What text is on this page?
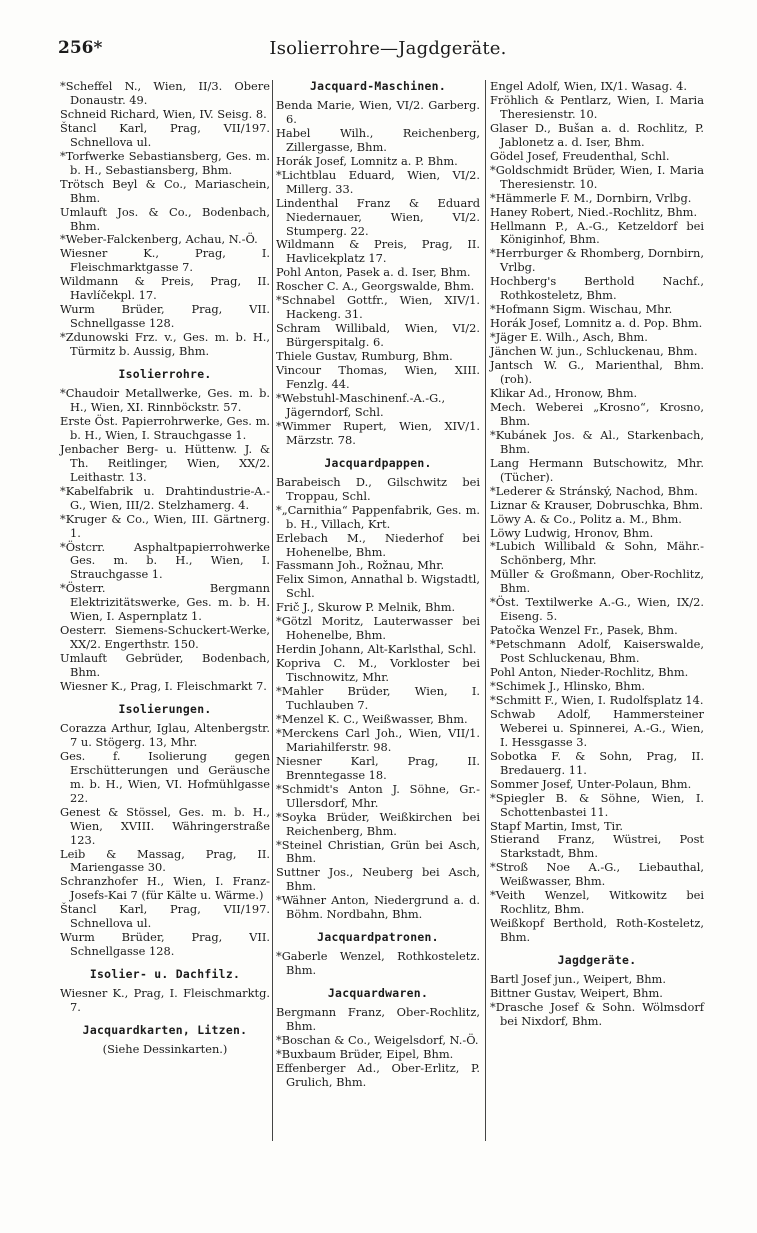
256*	Isolierrohre—Jagdgeräte.
*Scheffel N., Wien, II/3. Obere Donaustr. 49.
Schneid Richard, Wien, IV. Seisg. 8.
Štancl Karl, Prag, VII/197. Schnellova ul.
*Torfwerke Sebastiansberg, Ges. m. b. H., Sebastiansberg, Bhm.
Trötsch Beyl & Co., Mariaschein, Bhm.
Umlauft Jos. & Co., Bodenbach, Bhm.
*Weber-Falckenberg, Achau, N.-Ö.
Wiesner K., Prag, I. Fleischmarktgasse 7.
Wildmann & Preis, Prag, II. Havlíčekpl. 17.
Wurm Brüder, Prag, VII. Schnellgasse 128.
*Zdunowski Frz. v., Ges. m. b. H., Türmitz b. Aussig, Bhm.
Isolierrohre.
*Chaudoir Metallwerke, Ges. m. b. H., Wien, XI. Rinnböckstr. 57.
Erste Öst. Papierrohrwerke, Ges. m. b. H., Wien, I. Strauchgasse 1.
Jenbacher Berg- u. Hüttenw. J. & Th. Reitlinger, Wien, XX/2. Leithastr. 13.
*Kabelfabrik u. Drahtindustrie-A.-G., Wien, III/2. Stelzhamerg. 4.
*Kruger & Co., Wien, III. Gärtnerg. 1.
*Östcrr. Asphaltpapierrohwerke Ges. m. b. H., Wien, I. Strauchgasse 1.
*Österr. Bergmann Elektrizitätswerke, Ges. m. b. H. Wien, I. Aspernplatz 1.
Oesterr. Siemens-Schuckert-Werke, XX/2. Engerthstr. 150.
Umlauft Gebrüder, Bodenbach, Bhm.
Wiesner K., Prag, I. Fleischmarkt 7.
Isolierungen.
Corazza Arthur, Iglau, Altenbergstr. 7 u. Stögerg. 13, Mhr.
Ges. f. Isolierung gegen Erschütterungen und Geräusche m. b. H., Wien, VI. Hofmühlgasse 22.
Genest & Stössel, Ges. m. b. H., Wien, XVIII. Währingerstraße 123.
Leib & Massag, Prag, II. Mariengasse 30.
Schranzhofer H., Wien, I. Franz-Josefs-Kai 7 (für Kälte u. Wärme.)
Štancl Karl, Prag, VII/197. Schnellova ul.
Wurm Brüder, Prag, VII. Schnellgasse 128.
Isolier- u. Dachfilz.
Wiesner K., Prag, I. Fleischmarktg. 7.
Jacquardkarten, Litzen.
(Siehe Dessinkarten.)
Jacquard-Maschinen.
Benda Marie, Wien, VI/2. Garberg. 6.
Habel Wilh., Reichenberg, Zillergasse, Bhm.
Horák Josef, Lomnitz a. P. Bhm.
*Lichtblau Eduard, Wien, VI/2. Millerg. 33.
Lindenthal Franz & Eduard Niedernauer, Wien, VI/2. Stumperg. 22.
Wildmann & Preis, Prag, II. Havlicekplatz 17.
Pohl Anton, Pasek a. d. Iser, Bhm.
Roscher C. A., Georgswalde, Bhm.
*Schnabel Gottfr., Wien, XIV/1. Hackeng. 31.
Schram Willibald, Wien, VI/2. Bürgerspitalg. 6.
Thiele Gustav, Rumburg, Bhm.
Vincour Thomas, Wien, XIII. Fenzlg. 44.
*Webstuhl-Maschinenf.-A.-G., Jägerndorf, Schl.
*Wimmer Rupert, Wien, XIV/1. Märzstr. 78.
Jacquardpappen.
Barabeisch D., Gilschwitz bei Troppau, Schl.
*„Carnithia“ Pappenfabrik, Ges. m. b. H., Villach, Krt.
Erlebach M., Niederhof bei Hohenelbe, Bhm.
Fassmann Joh., Rožnau, Mhr.
Felix Simon, Annathal b. Wigstadtl, Schl.
Frič J., Skurow P. Melnik, Bhm.
*Götzl Moritz, Lauterwasser bei Hohenelbe, Bhm.
Herdin Johann, Alt-Karlsthal, Schl.
Kopriva C. M., Vorkloster bei Tischnowitz, Mhr.
*Mahler Brüder, Wien, I. Tuchlauben 7.
*Menzel K. C., Weißwasser, Bhm.
*Merckens Carl Joh., Wien, VII/1. Mariahilferstr. 98.
Niesner Karl, Prag, II. Brenntegasse 18.
*Schmidt's Anton J. Söhne, Gr.-Ullersdorf, Mhr.
*Soyka Brüder, Weißkirchen bei Reichenberg, Bhm.
*Steinel Christian, Grün bei Asch, Bhm.
Suttner Jos., Neuberg bei Asch, Bhm.
*Wähner Anton, Niedergrund a. d. Böhm. Nordbahn, Bhm.
Jacquardpatronen.
*Gaberle Wenzel, Rothkosteletz. Bhm.
Jacquardwaren.
Bergmann Franz, Ober-Rochlitz, Bhm.
*Boschan & Co., Weigelsdorf, N.-Ö.
*Buxbaum Brüder, Eipel, Bhm.
Effenberger Ad., Ober-Erlitz, P. Grulich, Bhm.
Engel Adolf, Wien, IX/1. Wasag. 4.
Fröhlich & Pentlarz, Wien, I. Maria Theresienstr. 10.
Glaser D., Bušan a. d. Rochlitz, P. Jablonetz a. d. Iser, Bhm.
Gödel Josef, Freudenthal, Schl.
*Goldschmidt Brüder, Wien, I. Maria Theresienstr. 10.
*Hämmerle F. M., Dornbirn, Vrlbg.
Haney Robert, Nied.-Rochlitz, Bhm.
Hellmann P., A.-G., Ketzeldorf bei Königinhof, Bhm.
*Herrburger & Rhomberg, Dornbirn, Vrlbg.
Hochberg's Berthold Nachf., Rothkosteletz, Bhm.
*Hofmann Sigm. Wischau, Mhr.
Horák Josef, Lomnitz a. d. Pop. Bhm.
*Jäger E. Wilh., Asch, Bhm.
Jänchen W. jun., Schluckenau, Bhm.
Jantsch W. G., Marienthal, Bhm. (roh).
Klikar Ad., Hronow, Bhm.
Mech. Weberei „Krosno“, Krosno, Bhm.
*Kubánek Jos. & Al., Starkenbach, Bhm.
Lang Hermann Butschowitz, Mhr. (Tücher).
*Lederer & Stránský, Nachod, Bhm.
Liznar & Krauser, Dobruschka, Bhm.
Löwy A. & Co., Politz a. M., Bhm.
Löwy Ludwig, Hronov, Bhm.
*Lubich Willibald & Sohn, Mähr.-Schönberg, Mhr.
Müller & Großmann, Ober-Rochlitz, Bhm.
*Öst. Textilwerke A.-G., Wien, IX/2. Eiseng. 5.
Patočka Wenzel Fr., Pasek, Bhm.
*Petschmann Adolf, Kaiserswalde, Post Schluckenau, Bhm.
Pohl Anton, Nieder-Rochlitz, Bhm.
*Schimek J., Hlinsko, Bhm.
*Schmitt F., Wien, I. Rudolfsplatz 14.
Schwab Adolf, Hammersteiner Weberei u. Spinnerei, A.-G., Wien, I. Hessgasse 3.
Sobotka F. & Sohn, Prag, II. Bredauerg. 11.
Sommer Josef, Unter-Polaun, Bhm.
*Spiegler B. & Söhne, Wien, I. Schottenbastei 11.
Stapf Martin, Imst, Tir.
Stierand Franz, Wüstrei, Post Starkstadt, Bhm.
*Stroß Noe A.-G., Liebauthal, Weißwasser, Bhm.
*Veith Wenzel, Witkowitz bei Rochlitz, Bhm.
Weißkopf Berthold, Roth-Kosteletz, Bhm.
Jagdgeräte.
Bartl Josef jun., Weipert, Bhm.
Bittner Gustav, Weipert, Bhm.
*Drasche Josef & Sohn. Wölmsdorf bei Nixdorf, Bhm.
